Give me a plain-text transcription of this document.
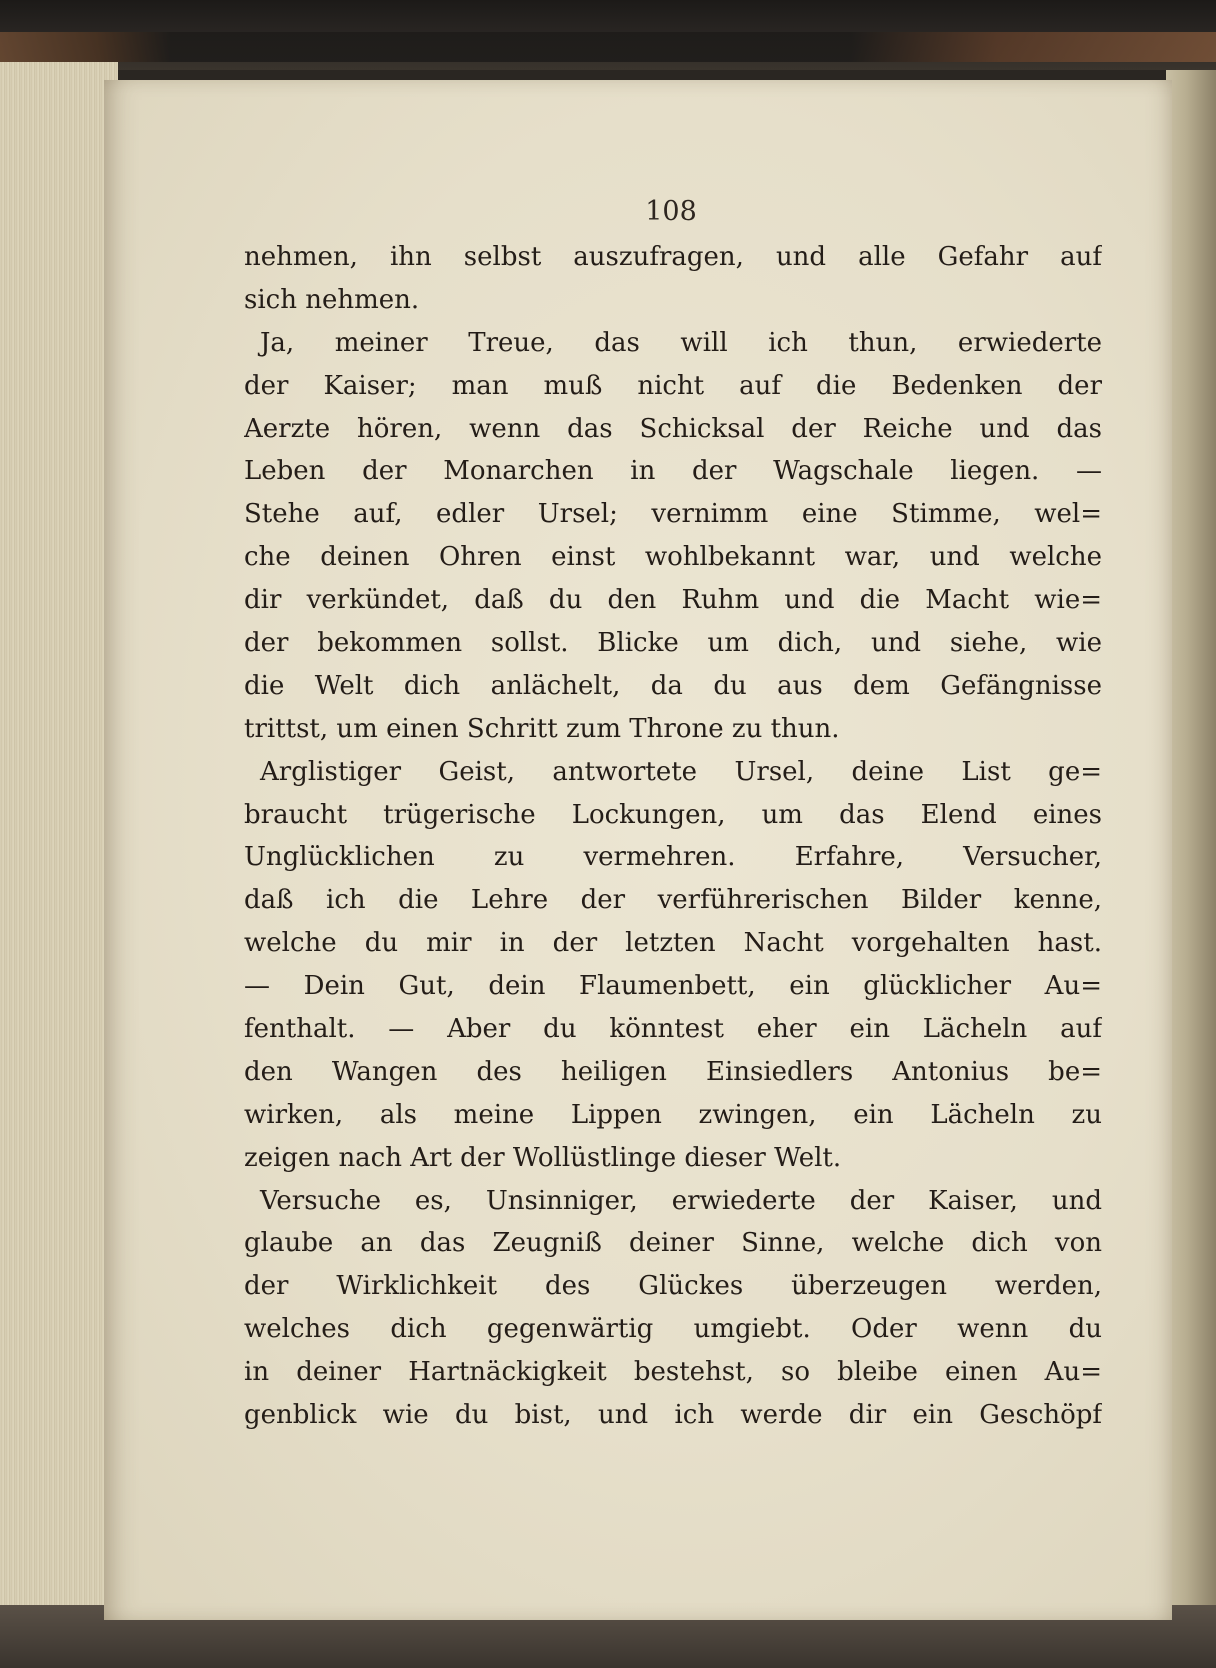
108
nehmen, ihn selbst auszufragen, und alle Gefahr auf
sich nehmen.
Ja, meiner Treue, das will ich thun, erwiederte
der Kaiser; man muß nicht auf die Bedenken der
Aerzte hören, wenn das Schicksal der Reiche und das
Leben der Monarchen in der Wagschale liegen. —
Stehe auf, edler Ursel; vernimm eine Stimme, wel=
che deinen Ohren einst wohlbekannt war, und welche
dir verkündet, daß du den Ruhm und die Macht wie=
der bekommen sollst. Blicke um dich, und siehe, wie
die Welt dich anlächelt, da du aus dem Gefängnisse
trittst, um einen Schritt zum Throne zu thun.
Arglistiger Geist, antwortete Ursel, deine List ge=
braucht trügerische Lockungen, um das Elend eines
Unglücklichen zu vermehren. Erfahre, Versucher,
daß ich die Lehre der verführerischen Bilder kenne,
welche du mir in der letzten Nacht vorgehalten hast.
— Dein Gut, dein Flaumenbett, ein glücklicher Au=
fenthalt. — Aber du könntest eher ein Lächeln auf
den Wangen des heiligen Einsiedlers Antonius be=
wirken, als meine Lippen zwingen, ein Lächeln zu
zeigen nach Art der Wollüstlinge dieser Welt.
Versuche es, Unsinniger, erwiederte der Kaiser, und
glaube an das Zeugniß deiner Sinne, welche dich von
der Wirklichkeit des Glückes überzeugen werden,
welches dich gegenwärtig umgiebt. Oder wenn du
in deiner Hartnäckigkeit bestehst, so bleibe einen Au=
genblick wie du bist, und ich werde dir ein Geschöpf
